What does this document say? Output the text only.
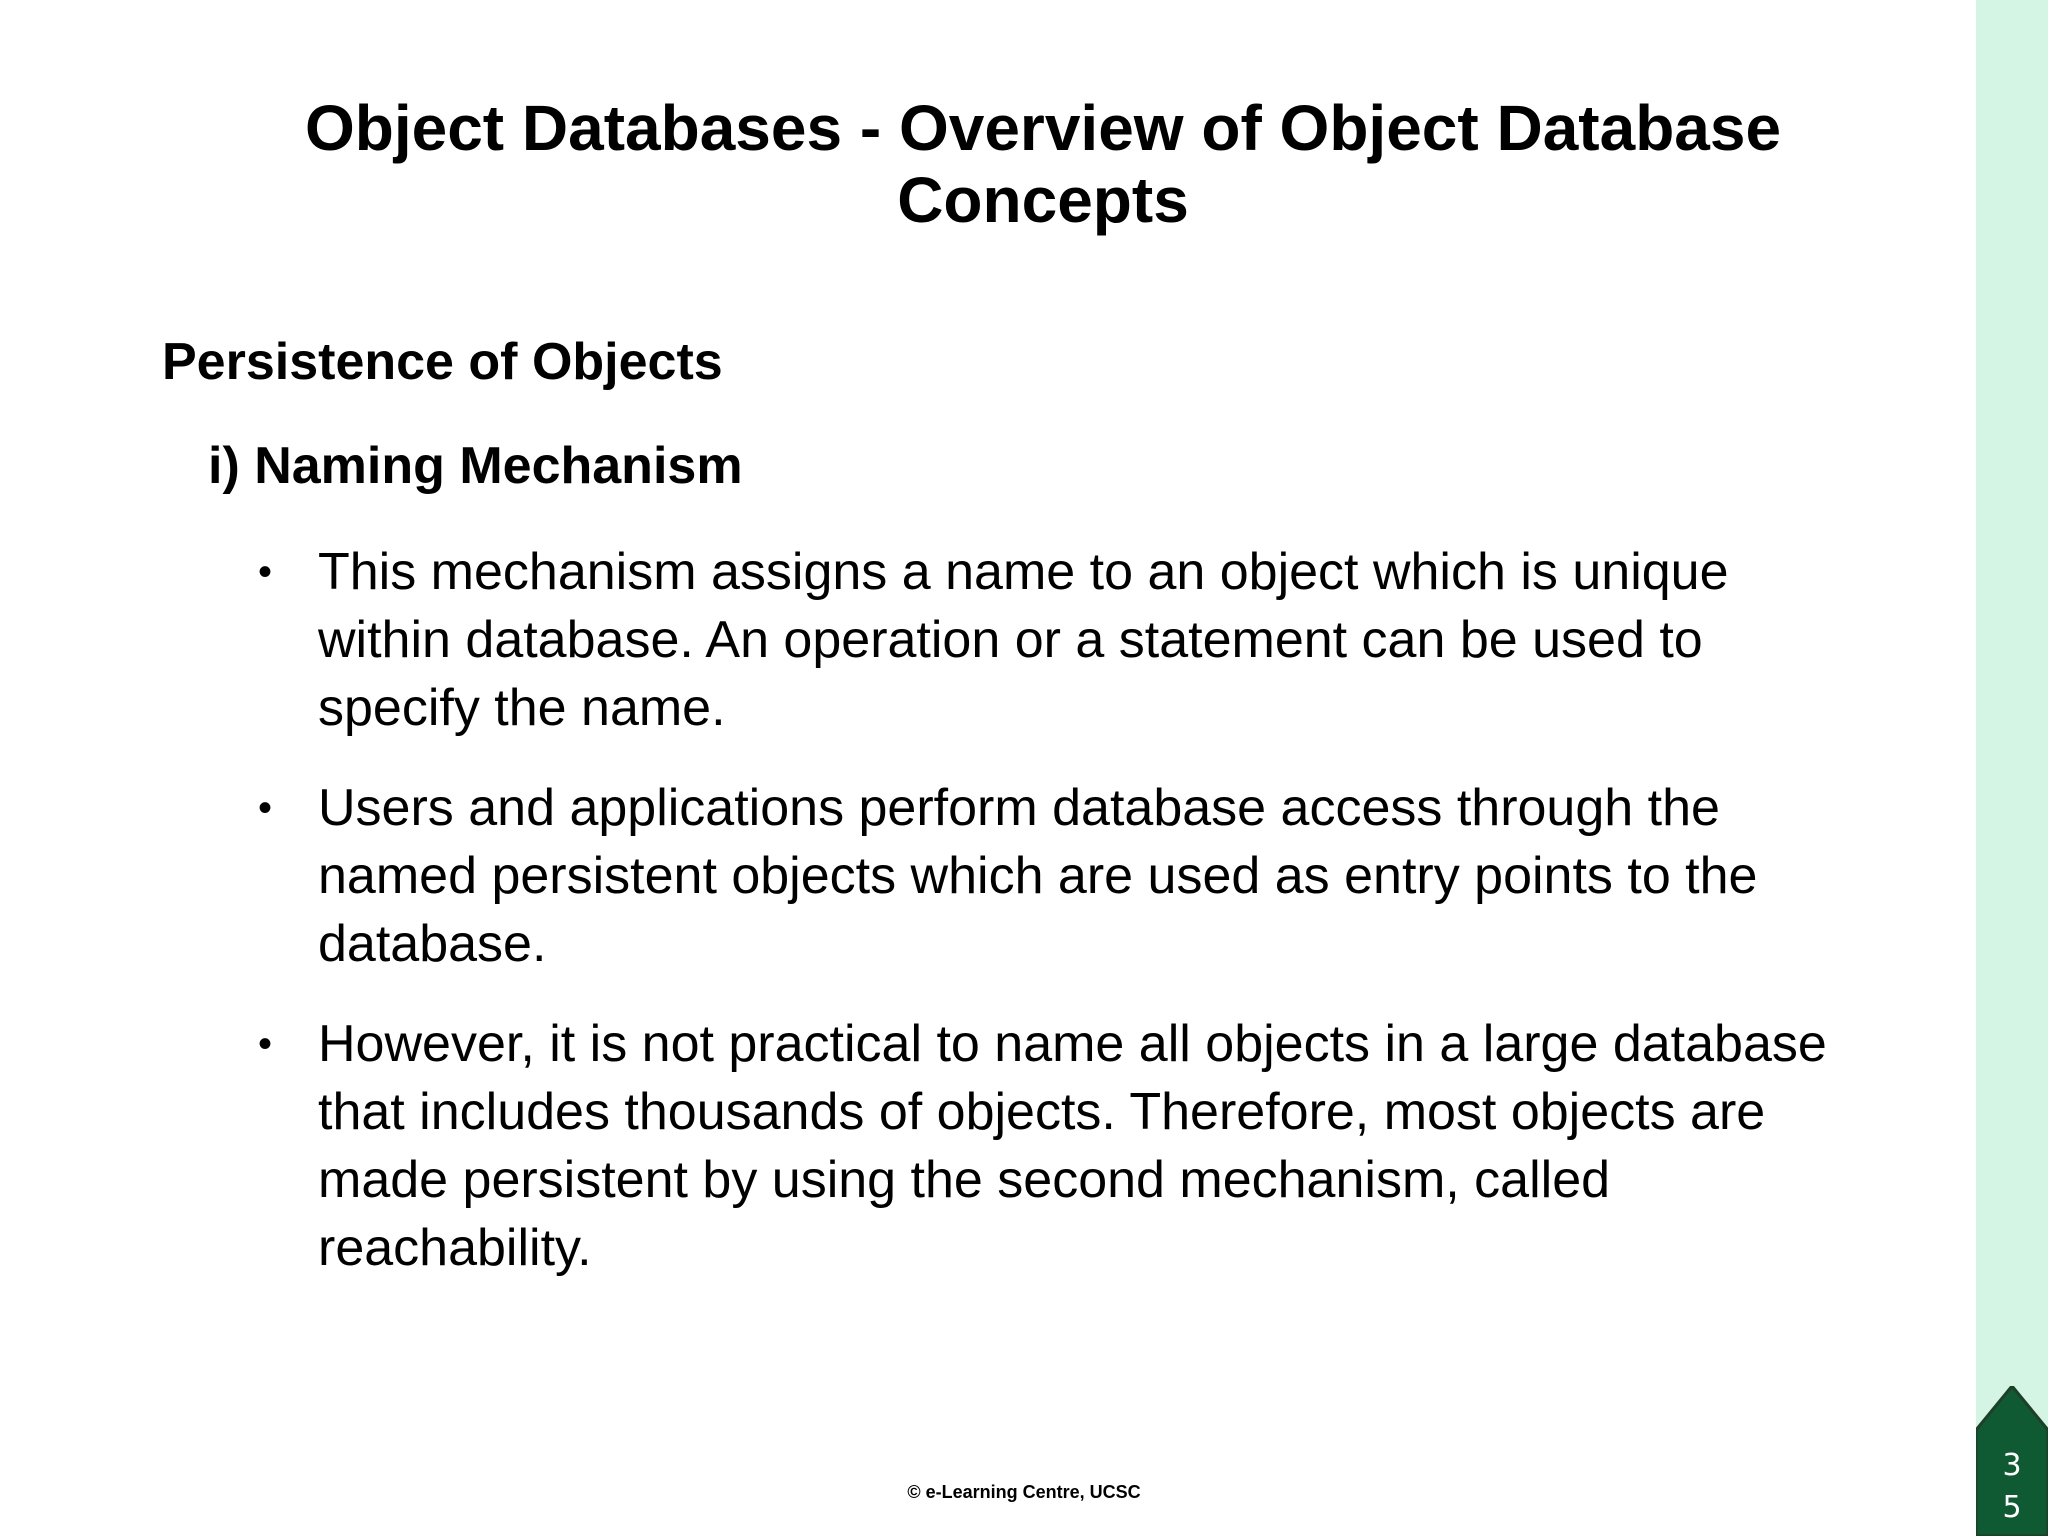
Object Databases - Overview of Object Database Concepts
Persistence of Objects
i) Naming Mechanism
• This mechanism assigns a name to an object which is unique within database. An operation or a statement can be used to specify the name.
• Users and applications perform database access through the named persistent objects which are used as entry points to the database.
• However, it is not practical to name all objects in a large database that includes thousands of objects. Therefore, most objects are made persistent by using the second mechanism, called reachability.
© e-Learning Centre, UCSC
3
5
